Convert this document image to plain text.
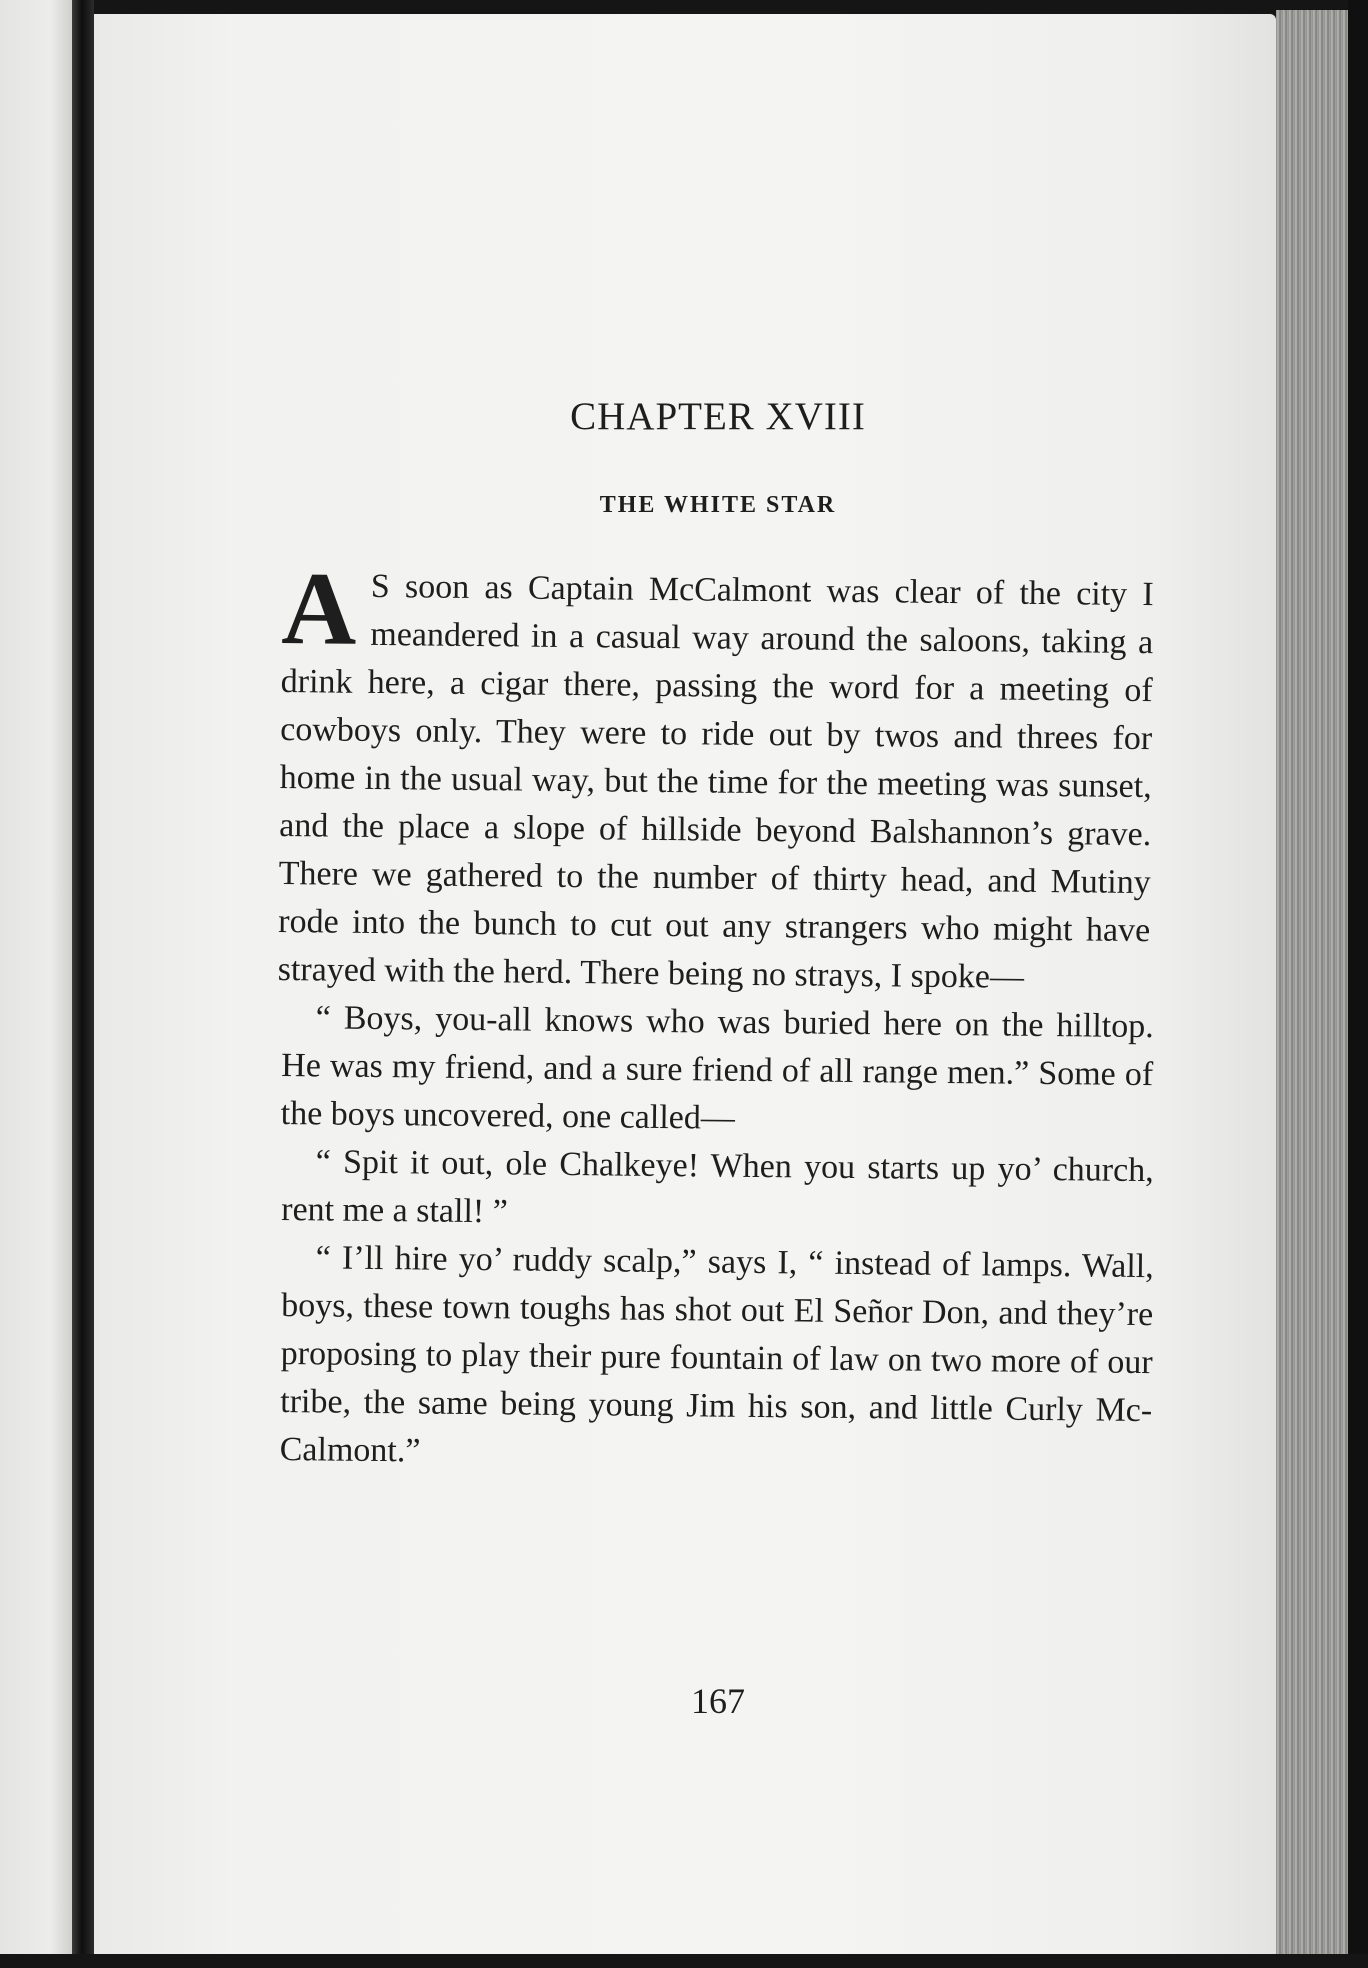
CHAPTER XVIII
THE WHITE STAR

A S soon as Captain McCalmont was clear of the city I meandered in a casual way around the saloons, taking a drink here, a cigar there, passing the word for a meeting of cowboys only. They were to ride out by twos and threes for home in the usual way, but the time for the meeting was sunset, and the place a slope of hillside beyond Balshannon’s grave. There we gathered to the number of thirty head, and Mutiny rode into the bunch to cut out any strangers who might have strayed with the herd. There being no strays, I spoke—

“ Boys, you-all knows who was buried here on the hilltop. He was my friend, and a sure friend of all range men.” Some of the boys uncovered, one called—

“ Spit it out, ole Chalkeye! When you starts up yo’ church, rent me a stall! ”

“ I’ll hire yo’ ruddy scalp,” says I, “ instead of lamps. Wall, boys, these town toughs has shot out El Señor Don, and they’re proposing to play their pure fountain of law on two more of our tribe, the same being young Jim his son, and little Curly Mc-Calmont.”

167
